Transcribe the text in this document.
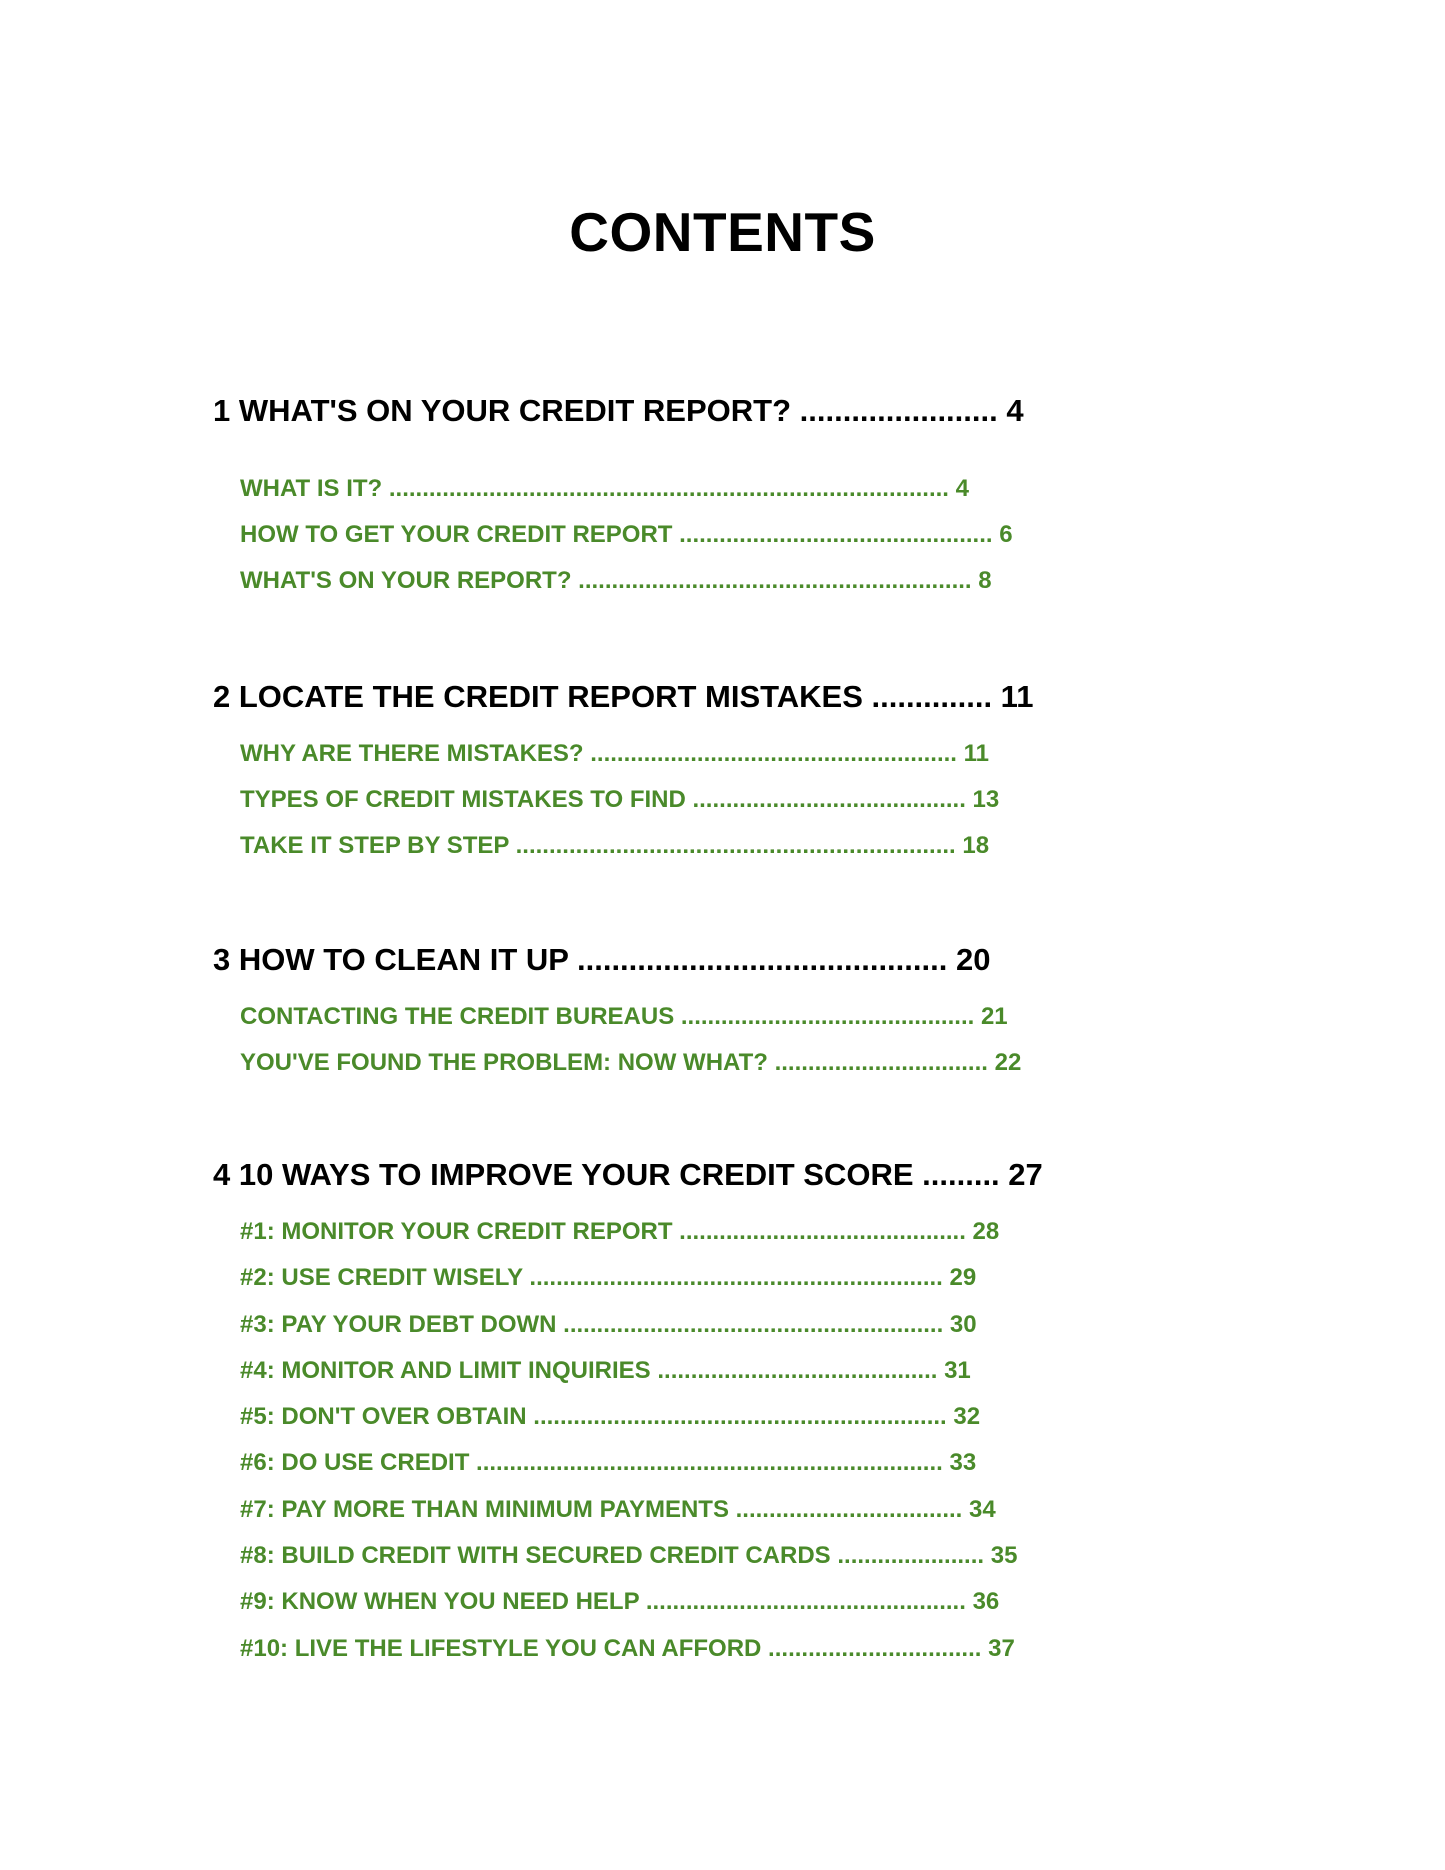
CONTENTS
1 WHAT'S ON YOUR CREDIT REPORT? ....................... 4
WHAT IS IT? .................................................................................... 4
HOW TO GET YOUR CREDIT REPORT ............................................... 6
WHAT'S ON YOUR REPORT? ........................................................... 8
2 LOCATE THE CREDIT REPORT MISTAKES .............. 11
WHY ARE THERE MISTAKES? ....................................................... 11
TYPES OF CREDIT MISTAKES TO FIND ......................................... 13
TAKE IT STEP BY STEP .................................................................. 18
3 HOW TO CLEAN IT UP ........................................... 20
CONTACTING THE CREDIT BUREAUS ............................................ 21
YOU'VE FOUND THE PROBLEM: NOW WHAT? ................................ 22
4 10 WAYS TO IMPROVE YOUR CREDIT SCORE ......... 27
#1: MONITOR YOUR CREDIT REPORT ........................................... 28
#2: USE CREDIT WISELY .............................................................. 29
#3: PAY YOUR DEBT DOWN ......................................................... 30
#4: MONITOR AND LIMIT INQUIRIES .......................................... 31
#5: DON'T OVER OBTAIN .............................................................. 32
#6: DO USE CREDIT ...................................................................... 33
#7: PAY MORE THAN MINIMUM PAYMENTS .................................. 34
#8: BUILD CREDIT WITH SECURED CREDIT CARDS ...................... 35
#9: KNOW WHEN YOU NEED HELP ................................................ 36
#10: LIVE THE LIFESTYLE YOU CAN AFFORD ................................ 37
